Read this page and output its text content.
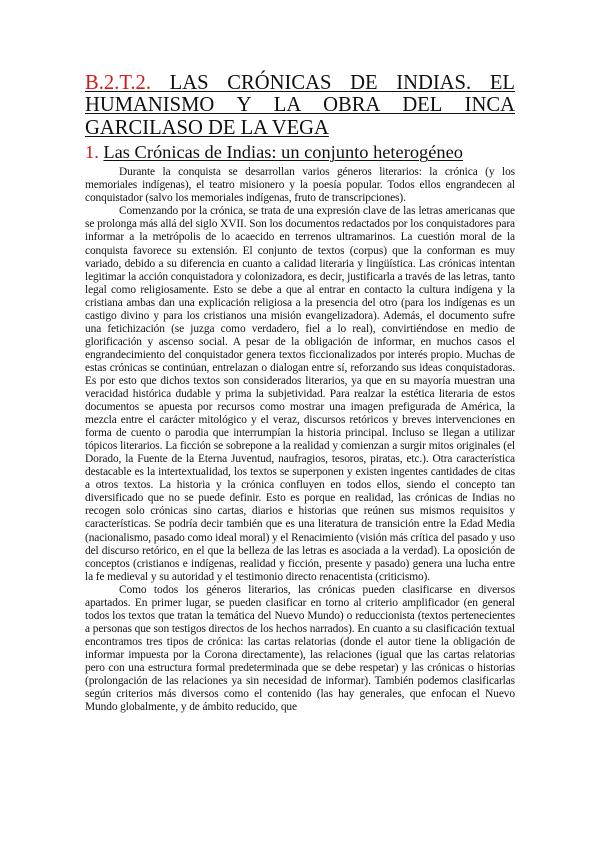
B.2.T.2. LAS CRÓNICAS DE INDIAS. EL HUMANISMO Y LA OBRA DEL INCA GARCILASO DE LA VEGA
1. Las Crónicas de Indias: un conjunto heterogéneo

Durante la conquista se desarrollan varios géneros literarios: la crónica (y los memoriales indígenas), el teatro misionero y la poesía popular. Todos ellos engrandecen al conquistador (salvo los memoriales indígenas, fruto de transcripciones).

Comenzando por la crónica, se trata de una expresión clave de las letras americanas que se prolonga más allá del siglo XVII. Son los documentos redactados por los conquistadores para informar a la metrópolis de lo acaecido en terrenos ultramarinos. La cuestión moral de la conquista favorece su extensión. El conjunto de textos (corpus) que la conforman es muy variado, debido a su diferencia en cuanto a calidad literaria y lingüística. Las crónicas intentan legitimar la acción conquistadora y colonizadora, es decir, justificarla a través de las letras, tanto legal como religiosamente. Esto se debe a que al entrar en contacto la cultura indígena y la cristiana ambas dan una explicación religiosa a la presencia del otro (para los indígenas es un castigo divino y para los cristianos una misión evangelizadora). Además, el documento sufre una fetichización (se juzga como verdadero, fiel a lo real), convirtiéndose en medio de glorificación y ascenso social. A pesar de la obligación de informar, en muchos casos el engrandecimiento del conquistador genera textos ficcionalizados por interés propio. Muchas de estas crónicas se continúan, entrelazan o dialogan entre sí, reforzando sus ideas conquistadoras. Es por esto que dichos textos son considerados literarios, ya que en su mayoría muestran una veracidad histórica dudable y prima la subjetividad. Para realzar la estética literaria de estos documentos se apuesta por recursos como mostrar una imagen prefigurada de América, la mezcla entre el carácter mitológico y el veraz, discursos retóricos y breves intervenciones en forma de cuento o parodia que interrumpían la historia principal. Incluso se llegan a utilizar tópicos literarios. La ficción se sobrepone a la realidad y comienzan a surgir mitos originales (el Dorado, la Fuente de la Eterna Juventud, naufragios, tesoros, piratas, etc.). Otra característica destacable es la intertextualidad, los textos se superponen y existen ingentes cantidades de citas a otros textos. La historia y la crónica confluyen en todos ellos, siendo el concepto tan diversificado que no se puede definir. Esto es porque en realidad, las crónicas de Indias no recogen solo crónicas sino cartas, diarios e historias que reúnen sus mismos requisitos y características. Se podría decir también que es una literatura de transición entre la Edad Media (nacionalismo, pasado como ideal moral) y el Renacimiento (visión más crítica del pasado y uso del discurso retórico, en el que la belleza de las letras es asociada a la verdad). La oposición de conceptos (cristianos e indígenas, realidad y ficción, presente y pasado) genera una lucha entre la fe medieval y su autoridad y el testimonio directo renacentista (criticismo).

Como todos los géneros literarios, las crónicas pueden clasificarse en diversos apartados. En primer lugar, se pueden clasificar en torno al criterio amplificador (en general todos los textos que tratan la temática del Nuevo Mundo) o reduccionista (textos pertenecientes a personas que son testigos directos de los hechos narrados). En cuanto a su clasificación textual encontramos tres tipos de crónica: las cartas relatorias (donde el autor tiene la obligación de informar impuesta por la Corona directamente), las relaciones (igual que las cartas relatorias pero con una estructura formal predeterminada que se debe respetar) y las crónicas o historias (prolongación de las relaciones ya sin necesidad de informar). También podemos clasificarlas según criterios más diversos como el contenido (las hay generales, que enfocan el Nuevo Mundo globalmente, y de ámbito reducido, que
